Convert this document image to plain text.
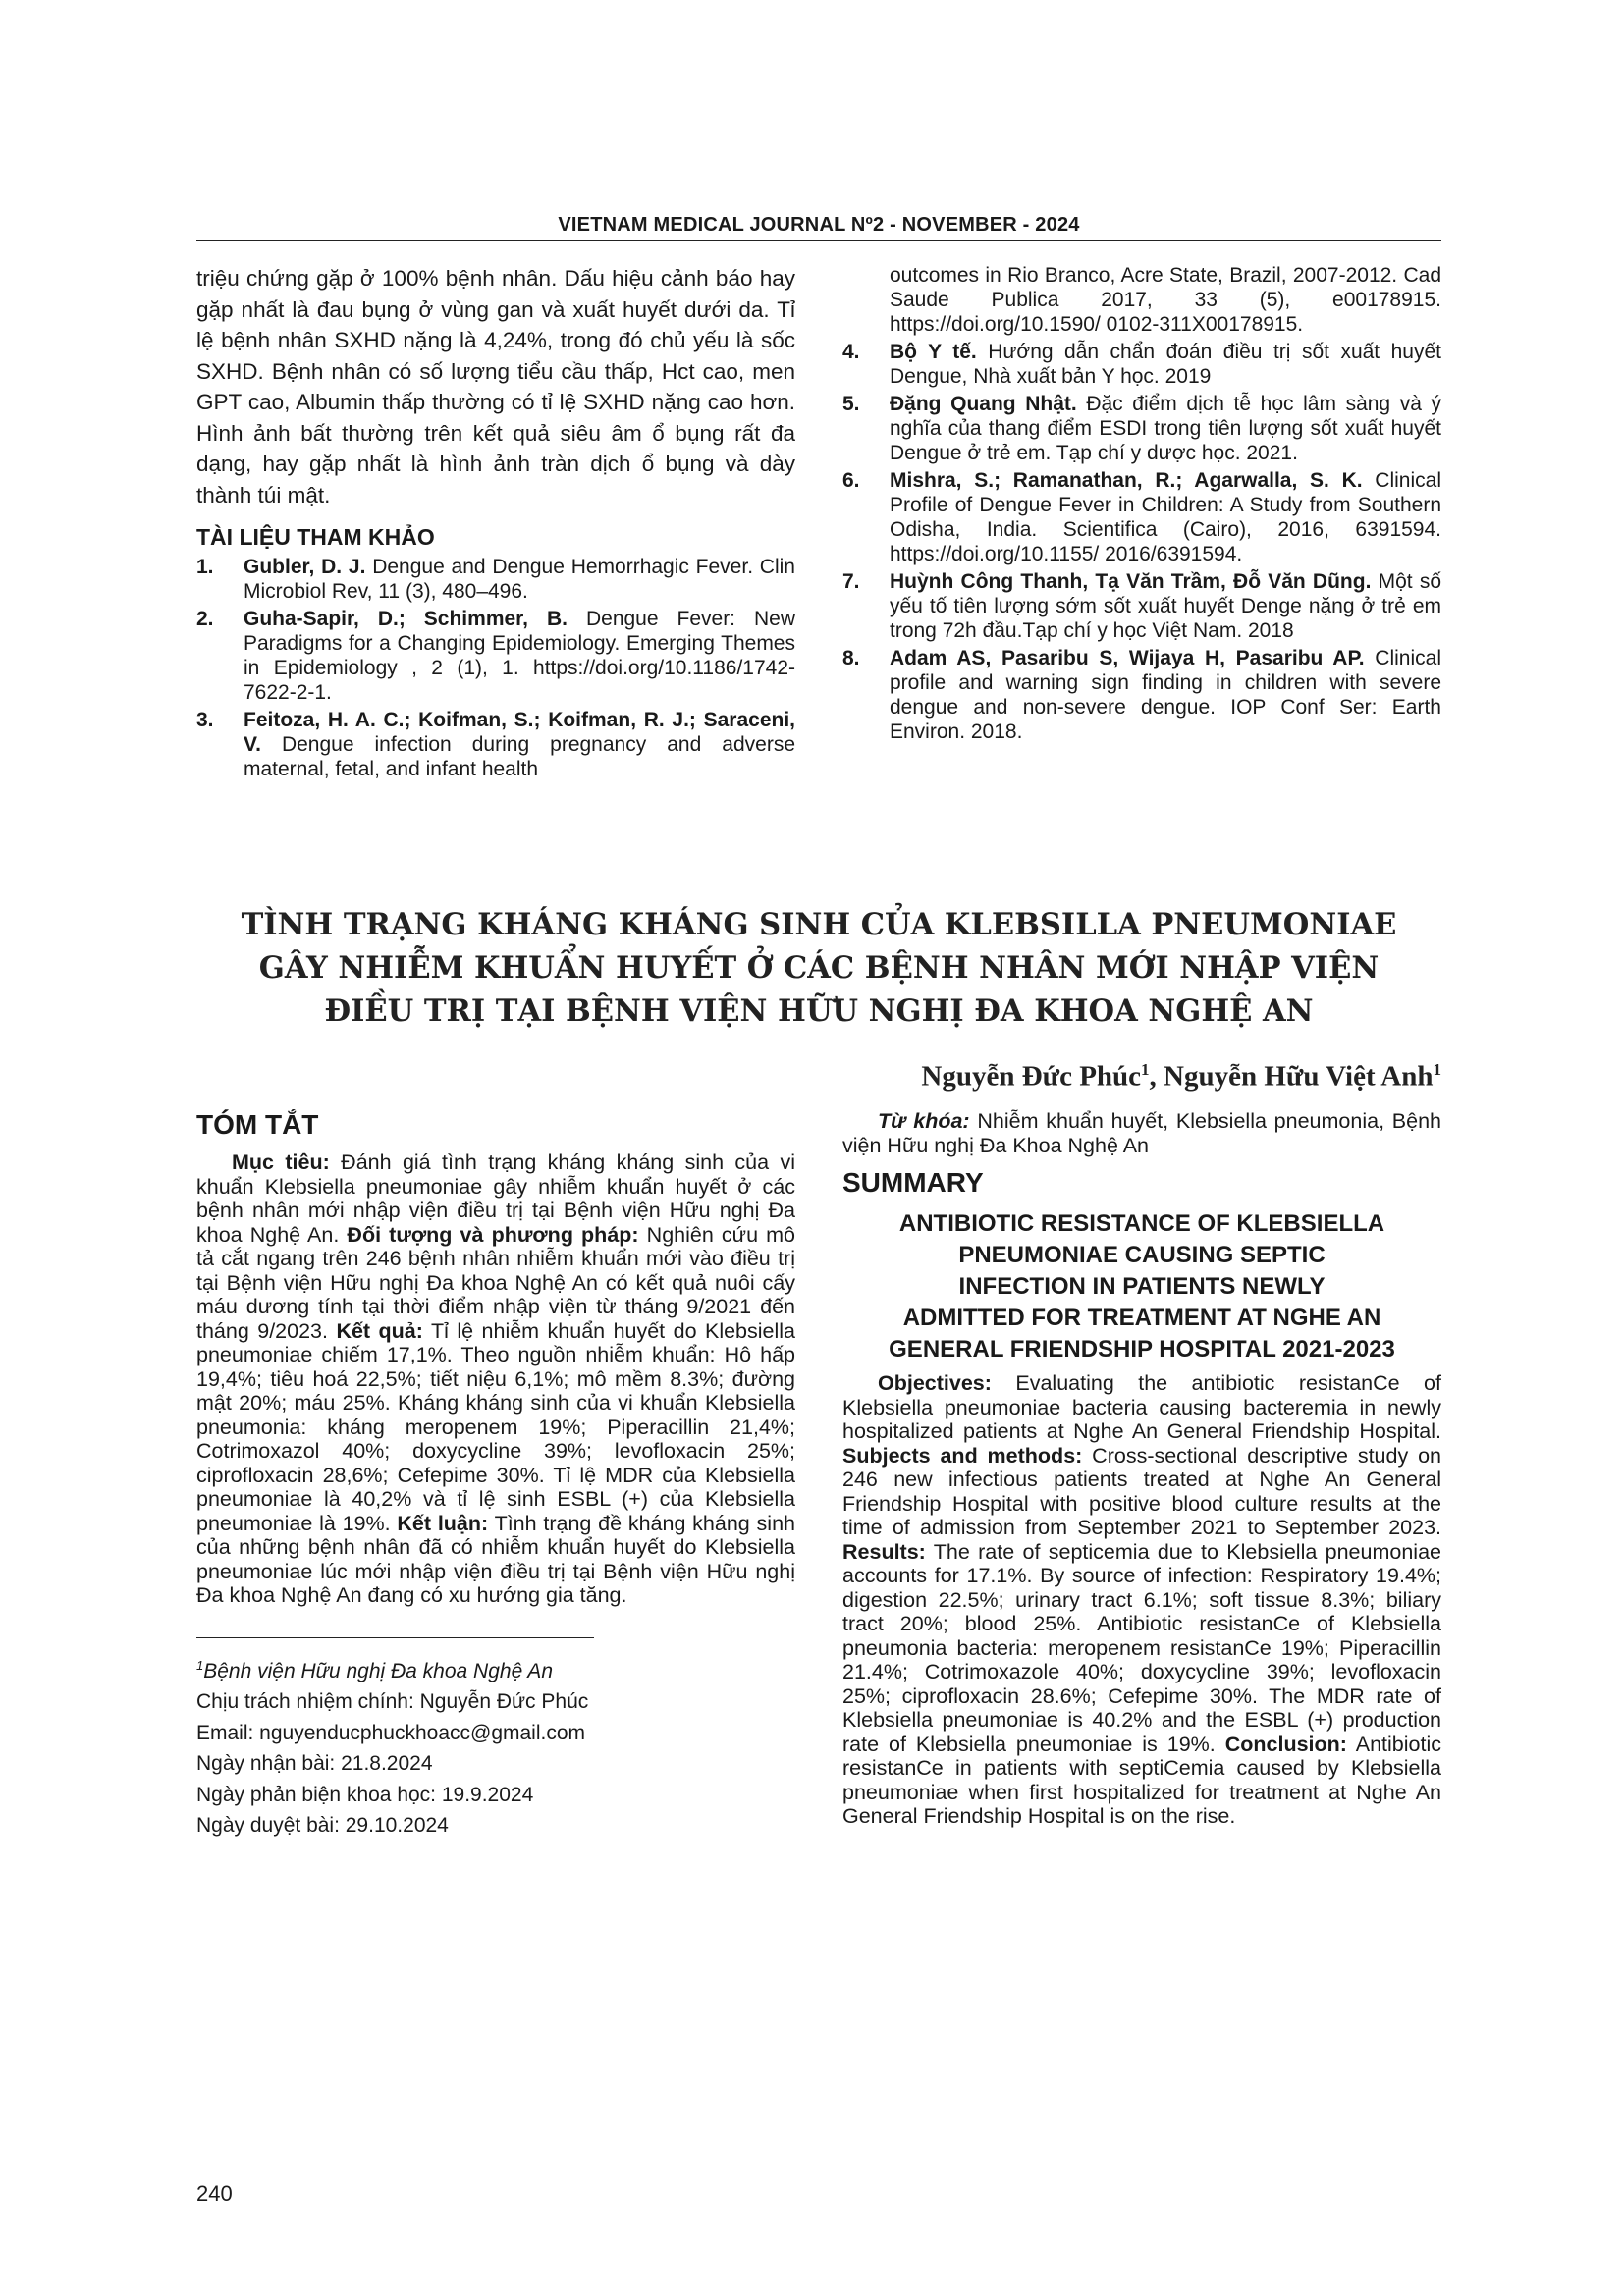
VIETNAM MEDICAL JOURNAL Nº2 - NOVEMBER - 2024

triệu chứng gặp ở 100% bệnh nhân. Dấu hiệu cảnh báo hay gặp nhất là đau bụng ở vùng gan và xuất huyết dưới da. Tỉ lệ bệnh nhân SXHD nặng là 4,24%, trong đó chủ yếu là sốc SXHD. Bệnh nhân có số lượng tiểu cầu thấp, Hct cao, men GPT cao, Albumin thấp thường có tỉ lệ SXHD nặng cao hơn. Hình ảnh bất thường trên kết quả siêu âm ổ bụng rất đa dạng, hay gặp nhất là hình ảnh tràn dịch ổ bụng và dày thành túi mật.

TÀI LIỆU THAM KHẢO
1.	Gubler, D. J. Dengue and Dengue Hemorrhagic Fever. Clin Microbiol Rev, 11 (3), 480–496.
2.	Guha-Sapir, D.; Schimmer, B. Dengue Fever: New Paradigms for a Changing Epidemiology. Emerging Themes in Epidemiology , 2 (1), 1. https://doi.org/10.1186/1742-7622-2-1.
3.	Feitoza, H. A. C.; Koifman, S.; Koifman, R. J.; Saraceni, V. Dengue infection during pregnancy and adverse maternal, fetal, and infant health
outcomes in Rio Branco, Acre State, Brazil, 2007-2012. Cad Saude Publica 2017, 33 (5), e00178915. https://doi.org/10.1590/ 0102-311X00178915.
4.	Bộ Y tế. Hướng dẫn chẩn đoán điều trị sốt xuất huyết Dengue, Nhà xuất bản Y học. 2019
5.	Đặng Quang Nhật. Đặc điểm dịch tễ học lâm sàng và ý nghĩa của thang điểm ESDI trong tiên lượng sốt xuất huyết Dengue ở trẻ em. Tạp chí y dược học. 2021.
6.	Mishra, S.; Ramanathan, R.; Agarwalla, S. K. Clinical Profile of Dengue Fever in Children: A Study from Southern Odisha, India. Scientifica (Cairo), 2016, 6391594. https://doi.org/10.1155/ 2016/6391594.
7.	Huỳnh Công Thanh, Tạ Văn Trầm, Đỗ Văn Dũng. Một số yếu tố tiên lượng sớm sốt xuất huyết Denge nặng ở trẻ em trong 72h đầu.Tạp chí y học Việt Nam. 2018
8.	Adam AS, Pasaribu S, Wijaya H, Pasaribu AP. Clinical profile and warning sign finding in children with severe dengue and non-severe dengue. IOP Conf Ser: Earth Environ. 2018.
TÌNH TRẠNG KHÁNG KHÁNG SINH CỦA KLEBSILLA PNEUMONIAE
GÂY NHIỄM KHUẨN HUYẾT Ở CÁC BỆNH NHÂN MỚI NHẬP VIỆN
ĐIỀU TRỊ TẠI BỆNH VIỆN HỮU NGHỊ ĐA KHOA NGHỆ AN
Nguyễn Đức Phúc$^1$, Nguyễn Hữu Việt Anh$^1$
TÓM TẮT

Mục tiêu: Đánh giá tình trạng kháng kháng sinh của vi khuẩn Klebsiella pneumoniae gây nhiễm khuẩn huyết ở các bệnh nhân mới nhập viện điều trị tại Bệnh viện Hữu nghị Đa khoa Nghệ An. Đối tượng và phương pháp: Nghiên cứu mô tả cắt ngang trên 246 bệnh nhân nhiễm khuẩn mới vào điều trị tại Bệnh viện Hữu nghị Đa khoa Nghệ An có kết quả nuôi cấy máu dương tính tại thời điểm nhập viện từ tháng 9/2021 đến tháng 9/2023. Kết quả: Tỉ lệ nhiễm khuẩn huyết do Klebsiella pneumoniae chiếm 17,1%. Theo nguồn nhiễm khuẩn: Hô hấp 19,4%; tiêu hoá 22,5%; tiết niệu 6,1%; mô mềm 8.3%; đường mật 20%; máu 25%. Kháng kháng sinh của vi khuẩn Klebsiella pneumonia: kháng meropenem 19%; Piperacillin 21,4%; Cotrimoxazol 40%; doxycycline 39%; levofloxacin 25%; ciprofloxacin 28,6%; Cefepime 30%. Tỉ lệ MDR của Klebsiella pneumoniae là 40,2% và tỉ lệ sinh ESBL (+) của Klebsiella pneumoniae là 19%. Kết luận: Tình trạng đề kháng kháng sinh của những bệnh nhân đã có nhiễm khuẩn huyết do Klebsiella pneumoniae lúc mới nhập viện điều trị tại Bệnh viện Hữu nghị Đa khoa Nghệ An đang có xu hướng gia tăng.

$^1$Bệnh viện Hữu nghị Đa khoa Nghệ An

Chịu trách nhiệm chính: Nguyễn Đức Phúc

Email: nguyenducphuckhoacc@gmail.com

Ngày nhận bài: 21.8.2024

Ngày phản biện khoa học: 19.9.2024

Ngày duyệt bài: 29.10.2024

Từ khóa: Nhiễm khuẩn huyết, Klebsiella pneumonia, Bệnh viện Hữu nghị Đa Khoa Nghệ An

SUMMARY
ANTIBIOTIC RESISTANCE OF KLEBSIELLA
PNEUMONIAE CAUSING SEPTIC
INFECTION IN PATIENTS NEWLY
ADMITTED FOR TREATMENT AT NGHE AN
GENERAL FRIENDSHIP HOSPITAL 2021-2023

Objectives: Evaluating the antibiotic resistanCe of Klebsiella pneumoniae bacteria causing bacteremia in newly hospitalized patients at Nghe An General Friendship Hospital. Subjects and methods: Cross-sectional descriptive study on 246 new infectious patients treated at Nghe An General Friendship Hospital with positive blood culture results at the time of admission from September 2021 to September 2023. Results: The rate of septicemia due to Klebsiella pneumoniae accounts for 17.1%. By source of infection: Respiratory 19.4%; digestion 22.5%; urinary tract 6.1%; soft tissue 8.3%; biliary tract 20%; blood 25%. Antibiotic resistanCe of Klebsiella pneumonia bacteria: meropenem resistanCe 19%; Piperacillin 21.4%; Cotrimoxazole 40%; doxycycline 39%; levofloxacin 25%; ciprofloxacin 28.6%; Cefepime 30%. The MDR rate of Klebsiella pneumoniae is 40.2% and the ESBL (+) production rate of Klebsiella pneumoniae is 19%. Conclusion: Antibiotic resistanCe in patients with septiCemia caused by Klebsiella pneumoniae when first hospitalized for treatment at Nghe An General Friendship Hospital is on the rise.

240
